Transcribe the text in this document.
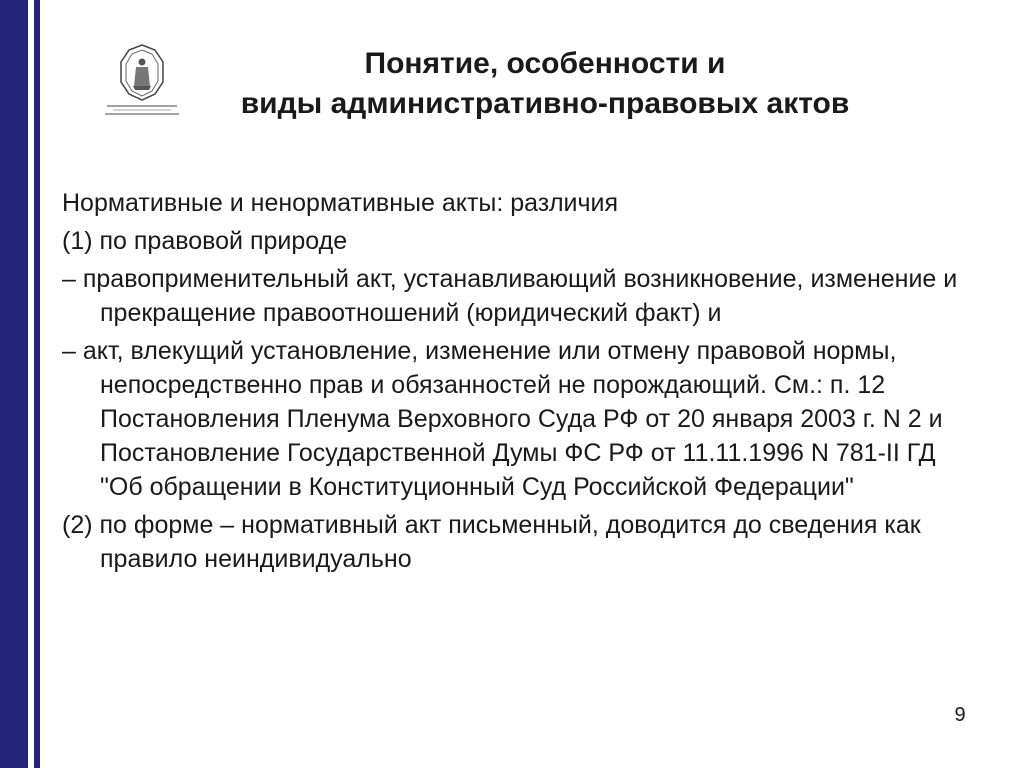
Понятие, особенности и
виды административно-правовых актов

Нормативные и ненормативные акты: различия

(1) по правовой природе

– правоприменительный акт, устанавливающий возникновение, изменение и прекращение правоотношений (юридический факт) и

– акт, влекущий установление, изменение или отмену правовой нормы, непосредственно прав и обязанностей не порождающий. См.: п. 12 Постановления Пленума Верховного Суда РФ от 20 января 2003 г. N 2 и Постановление Государственной Думы ФС РФ от 11.11.1996 N 781-II ГД "Об обращении в Конституционный Суд Российской Федерации"

(2) по форме – нормативный акт письменный, доводится до сведения как правило неиндивидуально

9
